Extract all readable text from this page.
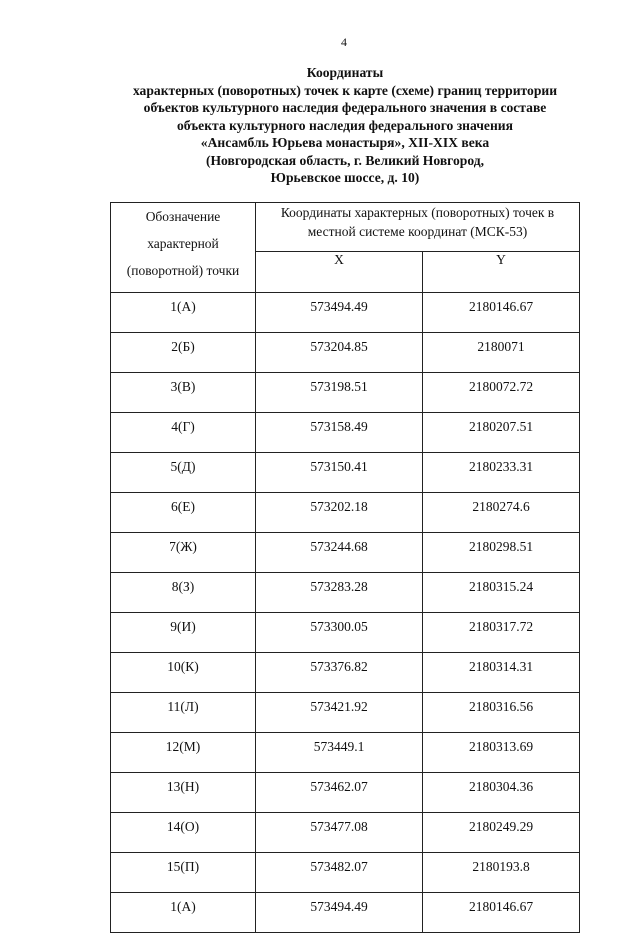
4
Координаты
характерных (поворотных) точек к карте (схеме) границ территории
объектов культурного наследия федерального значения в составе
объекта культурного наследия федерального значения
«Ансамбль Юрьева монастыря», XII-XIX века
(Новгородская область, г. Великий Новгород,
Юрьевское шоссе, д. 10)
Обозначение характерной (поворотной) точки	Координаты характерных (поворотных) точек в местной системе координат (МСК-53)	
	X	Y
1(А)	573494.49	2180146.67
2(Б)	573204.85	2180071
3(В)	573198.51	2180072.72
4(Г)	573158.49	2180207.51
5(Д)	573150.41	2180233.31
6(Е)	573202.18	2180274.6
7(Ж)	573244.68	2180298.51
8(З)	573283.28	2180315.24
9(И)	573300.05	2180317.72
10(К)	573376.82	2180314.31
11(Л)	573421.92	2180316.56
12(М)	573449.1	2180313.69
13(Н)	573462.07	2180304.36
14(О)	573477.08	2180249.29
15(П)	573482.07	2180193.8
1(А)	573494.49	2180146.67
